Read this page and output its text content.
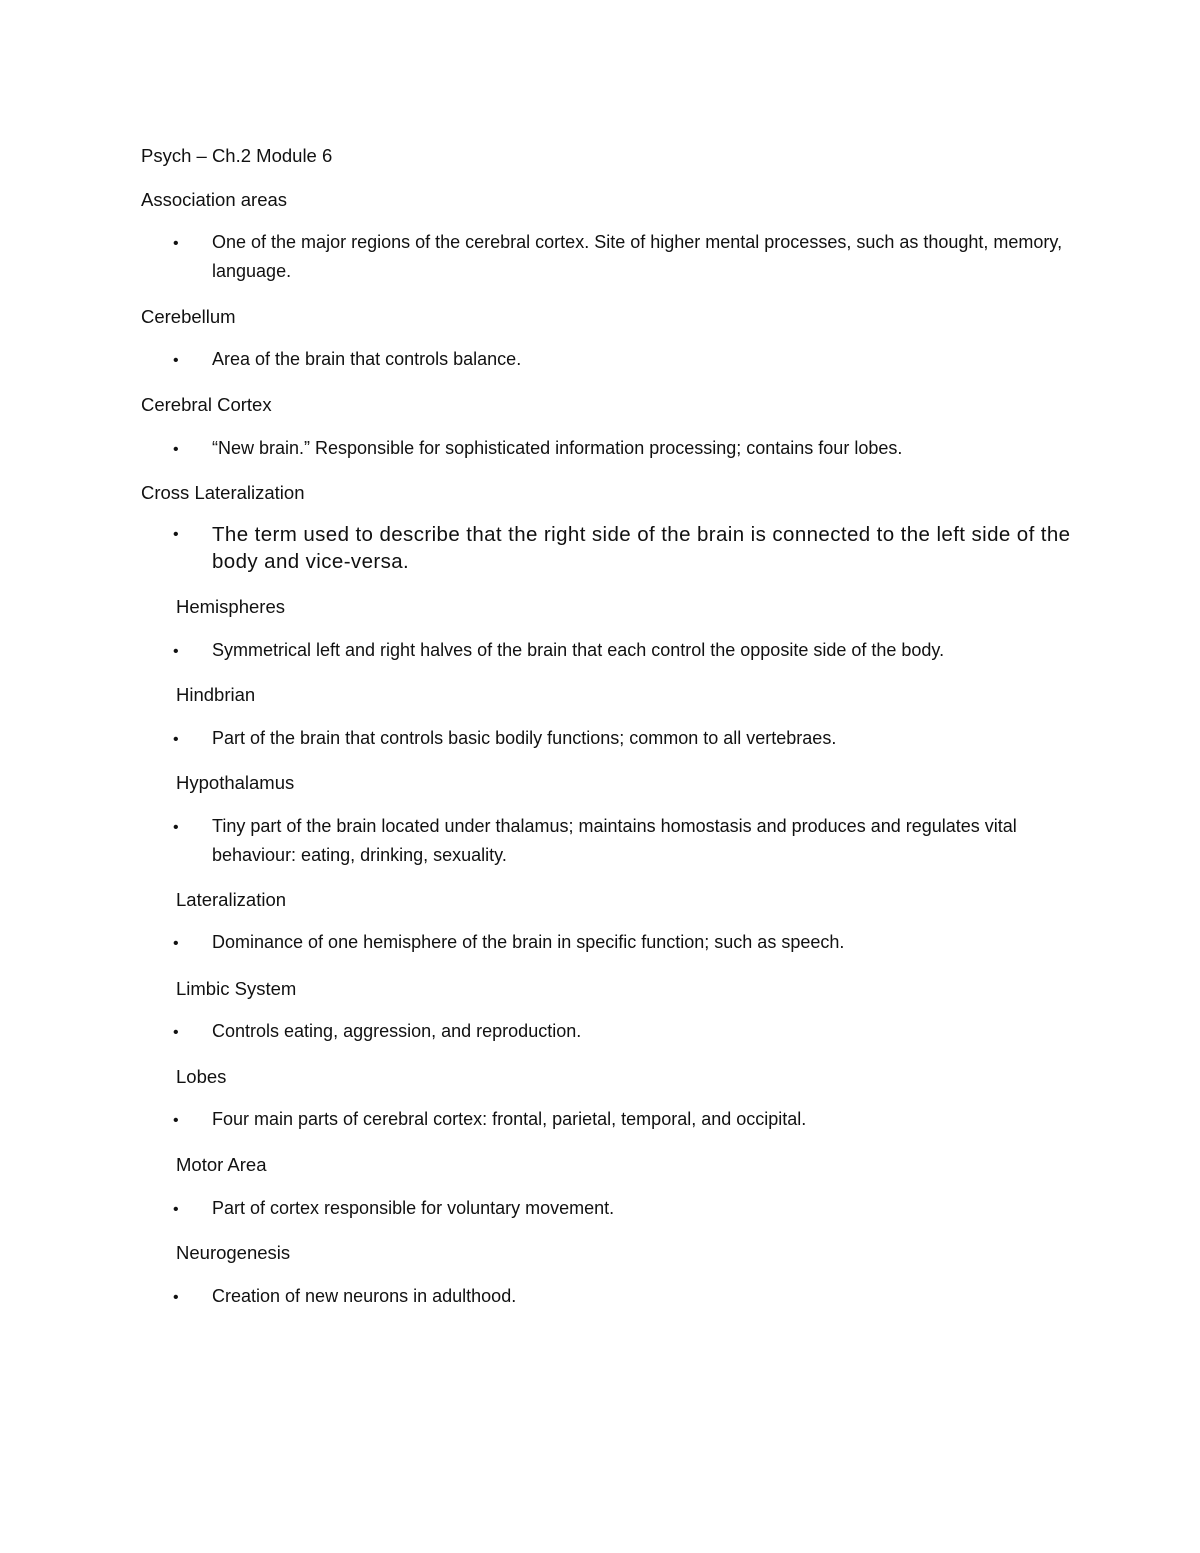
Psych – Ch.2 Module 6
Association areas
• One of the major regions of the cerebral cortex. Site of higher mental processes, such as thought, memory, language.
Cerebellum
• Area of the brain that controls balance.
Cerebral Cortex
• “New brain.” Responsible for sophisticated information processing; contains four lobes.
Cross Lateralization
• The term used to describe that the right side of the brain is connected to the left side of the body and vice-versa.
Hemispheres
• Symmetrical left and right halves of the brain that each control the opposite side of the body.
Hindbrian
• Part of the brain that controls basic bodily functions; common to all vertebraes.
Hypothalamus
• Tiny part of the brain located under thalamus; maintains homostasis and produces and regulates vital behaviour: eating, drinking, sexuality.
Lateralization
• Dominance of one hemisphere of the brain in specific function; such as speech.
Limbic System
• Controls eating, aggression, and reproduction.
Lobes
• Four main parts of cerebral cortex: frontal, parietal, temporal, and occipital.
Motor Area
• Part of cortex responsible for voluntary movement.
Neurogenesis
• Creation of new neurons in adulthood.
